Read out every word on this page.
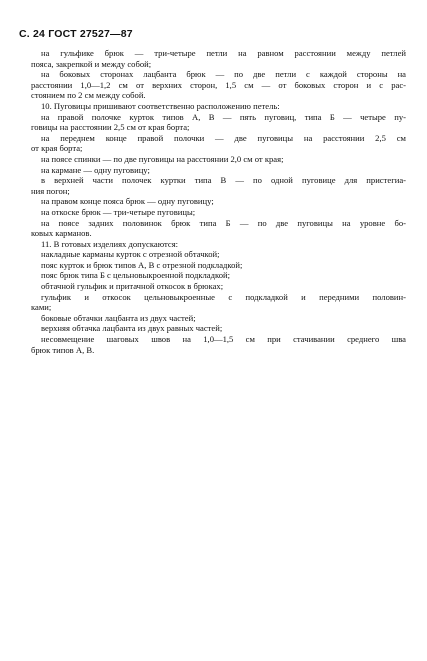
С. 24 ГОСТ 27527—87
на гульфике брюк — три-четыре петли на равном расстоянии между петлей
пояса, закрепкой и между собой;
на боковых сторонах лацбанта брюк — по две петли с каждой стороны на
расстоянии 1,0—1,2 см от верхних сторон, 1,5 см — от боковых сторон и с рас-
стоянием по 2 см между собой.
10. Пуговицы пришивают соответственно расположению петель:
на правой полочке курток типов А, В — пять пуговиц, типа Б — четыре пу-
говицы на расстоянии 2,5 см от края борта;
на переднем конце правой полочки — две пуговицы на расстоянии 2,5 см
от края борта;
на поясе спинки — по две пуговицы на расстоянии 2,0 см от края;
на кармане — одну пуговицу;
в верхней части полочек куртки типа В — по одной пуговице для пристегиа-
ния погон;
на правом конце пояса брюк — одну пуговицу;
на откоске брюк — три-четыре пуговицы;
на поясе задних половинок брюк типа Б — по две пуговицы на уровне бо-
ковых карманов.
11. В готовых изделиях допускаются:
накладные карманы курток с отрезной обтачкой;
пояс курток и брюк типов А, В с отрезной подкладкой;
пояс брюк типа Б с цельновыкроенной подкладкой;
обтачной гульфик и притачной откосок в брюках;
гульфик и откосок цельновыкроенные с подкладкой и передними половин-
ками;
боковые обтачки лацбанта из двух частей;
верхняя обтачка лацбанта из двух равных частей;
несовмещение шаговых швов на 1,0—1,5 см при стачивании среднего шва
брюк типов А, В.
